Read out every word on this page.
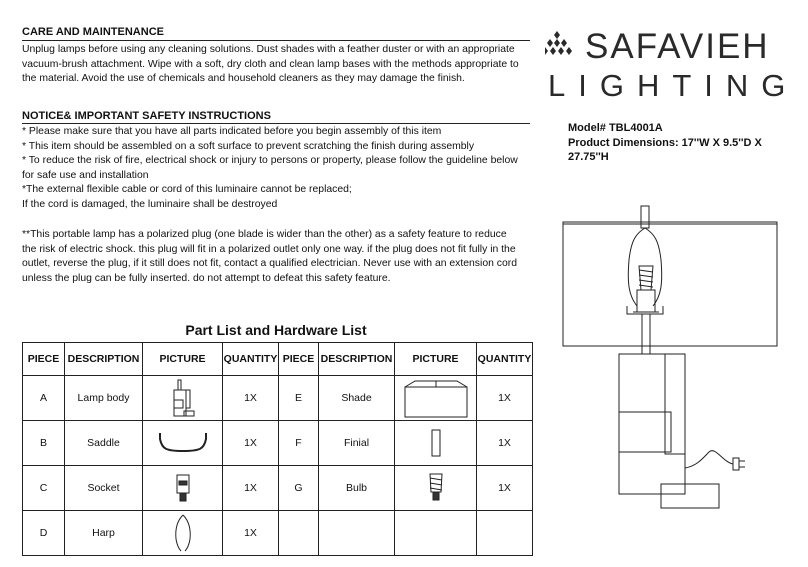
CARE AND MAINTENANCE

Unplug lamps before using any cleaning solutions. Dust shades with a feather duster or with an appropriate

vacuum-brush attachment. Wipe with a soft, dry cloth and clean lamp bases with the methods appropriate to

the material. Avoid the use of chemicals and household cleaners as they may damage the finish.

NOTICE& IMPORTANT SAFETY INSTRUCTIONS

* Please make sure that you have all parts indicated before you begin assembly of this item

* This item should be assembled on a soft surface to prevent scratching the finish during assembly

* To reduce the risk of fire, electrical shock or injury to persons or property, please follow the guideline below

for safe use and installation

*The external flexible cable or cord of this luminaire cannot be replaced;

If the cord is damaged, the luminaire shall be destroyed

**This portable lamp has a polarized plug (one blade is wider than the other) as a safety feature to reduce

the risk of electric shock. this plug will fit in a polarized outlet only one way. if the plug does not fit fully in the

outlet, reverse the plug, if it still does not fit, contact a qualified electrician. Never use with an extension cord

unless the plug can be fully inserted. do not attempt to defeat this safety feature.

SAFAVIEH
LIGHTING
Model# TBL4001A
Product Dimensions: 17''W X 9.5''D X
27.75''H
Part List and Hardware List
PIECE	DESCRIPTION	PICTURE	QUANTITY	PIECE	DESCRIPTION	PICTURE	QUANTITY
A	Lamp body		1X	E	Shade		1X
B	Saddle		1X	F	Finial		1X
C	Socket		1X	G	Bulb		1X
D	Harp		1X				
